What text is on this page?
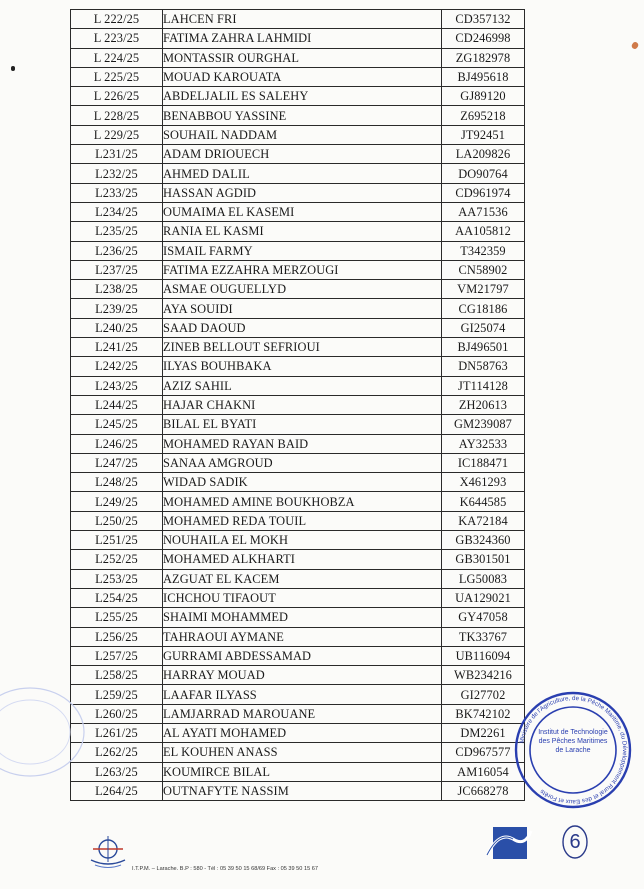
L 222/25	LAHCEN FRI	CD357132
L 223/25	FATIMA ZAHRA LAHMIDI	CD246998
L 224/25	MONTASSIR OURGHAL	ZG182978
L 225/25	MOUAD KAROUATA	BJ495618
L 226/25	ABDELJALIL ES SALEHY	GJ89120
L 228/25	BENABBOU YASSINE	Z695218
L 229/25	SOUHAIL NADDAM	JT92451
L231/25	ADAM DRIOUECH	LA209826
L232/25	AHMED DALIL	DO90764
L233/25	HASSAN AGDID	CD961974
L234/25	OUMAIMA EL KASEMI	AA71536
L235/25	RANIA EL KASMI	AA105812
L236/25	ISMAIL FARMY	T342359
L237/25	FATIMA EZZAHRA MERZOUGI	CN58902
L238/25	ASMAE OUGUELLYD	VM21797
L239/25	AYA SOUIDI	CG18186
L240/25	SAAD DAOUD	GI25074
L241/25	ZINEB BELLOUT SEFRIOUI	BJ496501
L242/25	ILYAS BOUHBAKA	DN58763
L243/25	AZIZ SAHIL	JT114128
L244/25	HAJAR CHAKNI	ZH20613
L245/25	BILAL EL BYATI	GM239087
L246/25	MOHAMED RAYAN BAID	AY32533
L247/25	SANAA AMGROUD	IC188471
L248/25	WIDAD SADIK	X461293
L249/25	MOHAMED AMINE BOUKHOBZA	K644585
L250/25	MOHAMED REDA TOUIL	KA72184
L251/25	NOUHAILA EL MOKH	GB324360
L252/25	MOHAMED ALKHARTI	GB301501
L253/25	AZGUAT EL KACEM	LG50083
L254/25	ICHCHOU TIFAOUT	UA129021
L255/25	SHAIMI MOHAMMED	GY47058
L256/25	TAHRAOUI AYMANE	TK33767
L257/25	GURRAMI ABDESSAMAD	UB116094
L258/25	HARRAY MOUAD	WB234216
L259/25	LAAFAR ILYASS	GI27702
L260/25	LAMJARRAD MAROUANE	BK742102
L261/25	AL AYATI MOHAMED	DM2261
L262/25	EL KOUHEN ANASS	CD967577
L263/25	KOUMIRCE BILAL	AM16054
L264/25	OUTNAFYTE NASSIM	JC668278
Ministère de l'Agriculture, de la Pêche Maritime, du Développement Rural et des Eaux et Forêts
Institut de Technologie des Pêches Maritimes de Larache
I.T.P.M. – Larache. B.P : 580 - Tél : 05 39 50 15 68/69 Fax : 05 39 50 15 67
6
